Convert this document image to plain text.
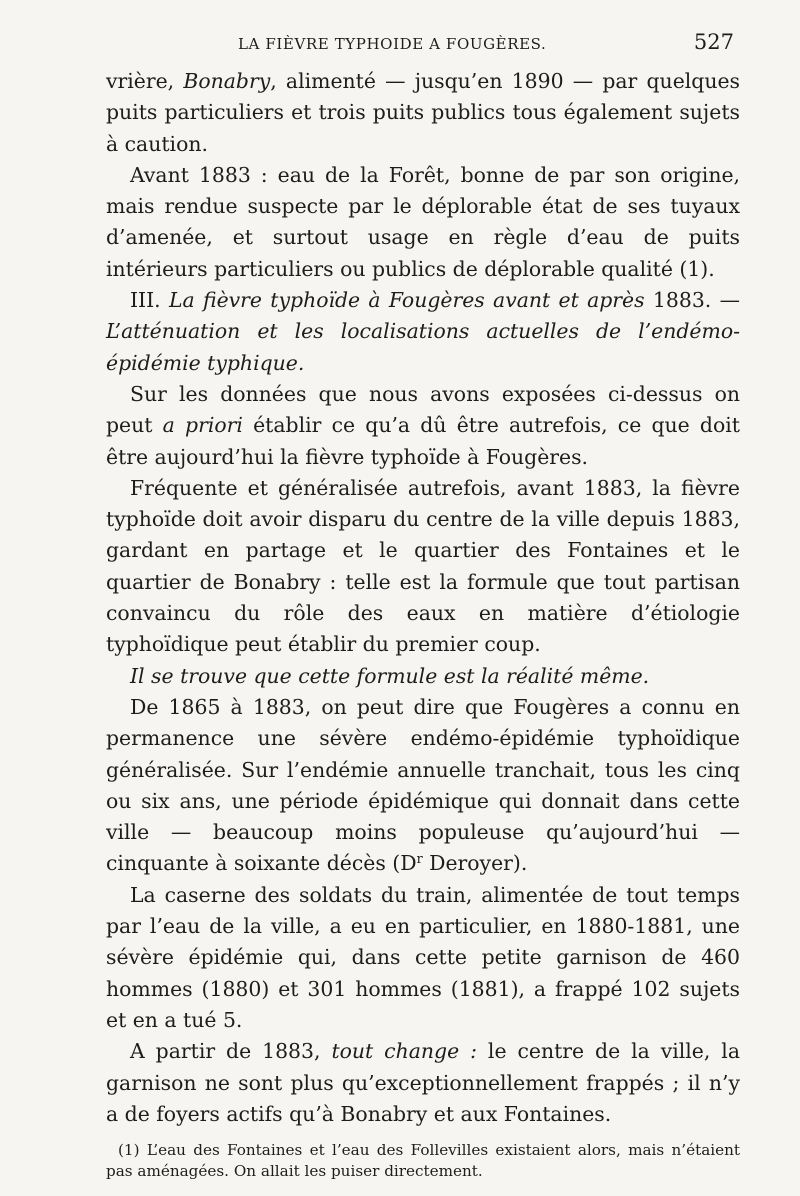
LA FIÈVRE TYPHOIDE A FOUGÈRES.	527

vrière, Bonabry, alimenté — jusqu’en 1890 — par quelques puits particuliers et trois puits publics tous également sujets à caution.

Avant 1883 : eau de la Forêt, bonne de par son origine, mais rendue suspecte par le déplorable état de ses tuyaux d’amenée, et surtout usage en règle d’eau de puits intérieurs particuliers ou publics de déplorable qualité (1).

III. La fièvre typhoïde à Fougères avant et après 1883. — L’atténuation et les localisations actuelles de l’endémo-épidémie typhique.

Sur les données que nous avons exposées ci-dessus on peut a priori établir ce qu’a dû être autrefois, ce que doit être aujourd’hui la fièvre typhoïde à Fougères.

Fréquente et généralisée autrefois, avant 1883, la fièvre typhoïde doit avoir disparu du centre de la ville depuis 1883, gardant en partage et le quartier des Fontaines et le quartier de Bonabry : telle est la formule que tout partisan convaincu du rôle des eaux en matière d’étiologie typhoïdique peut établir du premier coup.

Il se trouve que cette formule est la réalité même.

De 1865 à 1883, on peut dire que Fougères a connu en permanence une sévère endémo-épidémie typhoïdique généralisée. Sur l’endémie annuelle tranchait, tous les cinq ou six ans, une période épidémique qui donnait dans cette ville — beaucoup moins populeuse qu’aujourd’hui — cinquante à soixante décès ($D^r$ Deroyer).

La caserne des soldats du train, alimentée de tout temps par l’eau de la ville, a eu en particulier, en 1880-1881, une sévère épidémie qui, dans cette petite garnison de 460 hommes (1880) et 301 hommes (1881), a frappé 102 sujets et en a tué 5.

A partir de 1883, tout change : le centre de la ville, la garnison ne sont plus qu’exceptionnellement frappés ; il n’y a de foyers actifs qu’à Bonabry et aux Fontaines.

(1) L’eau des Fontaines et l’eau des Follevilles existaient alors, mais n’étaient pas aménagées. On allait les puiser directement.
